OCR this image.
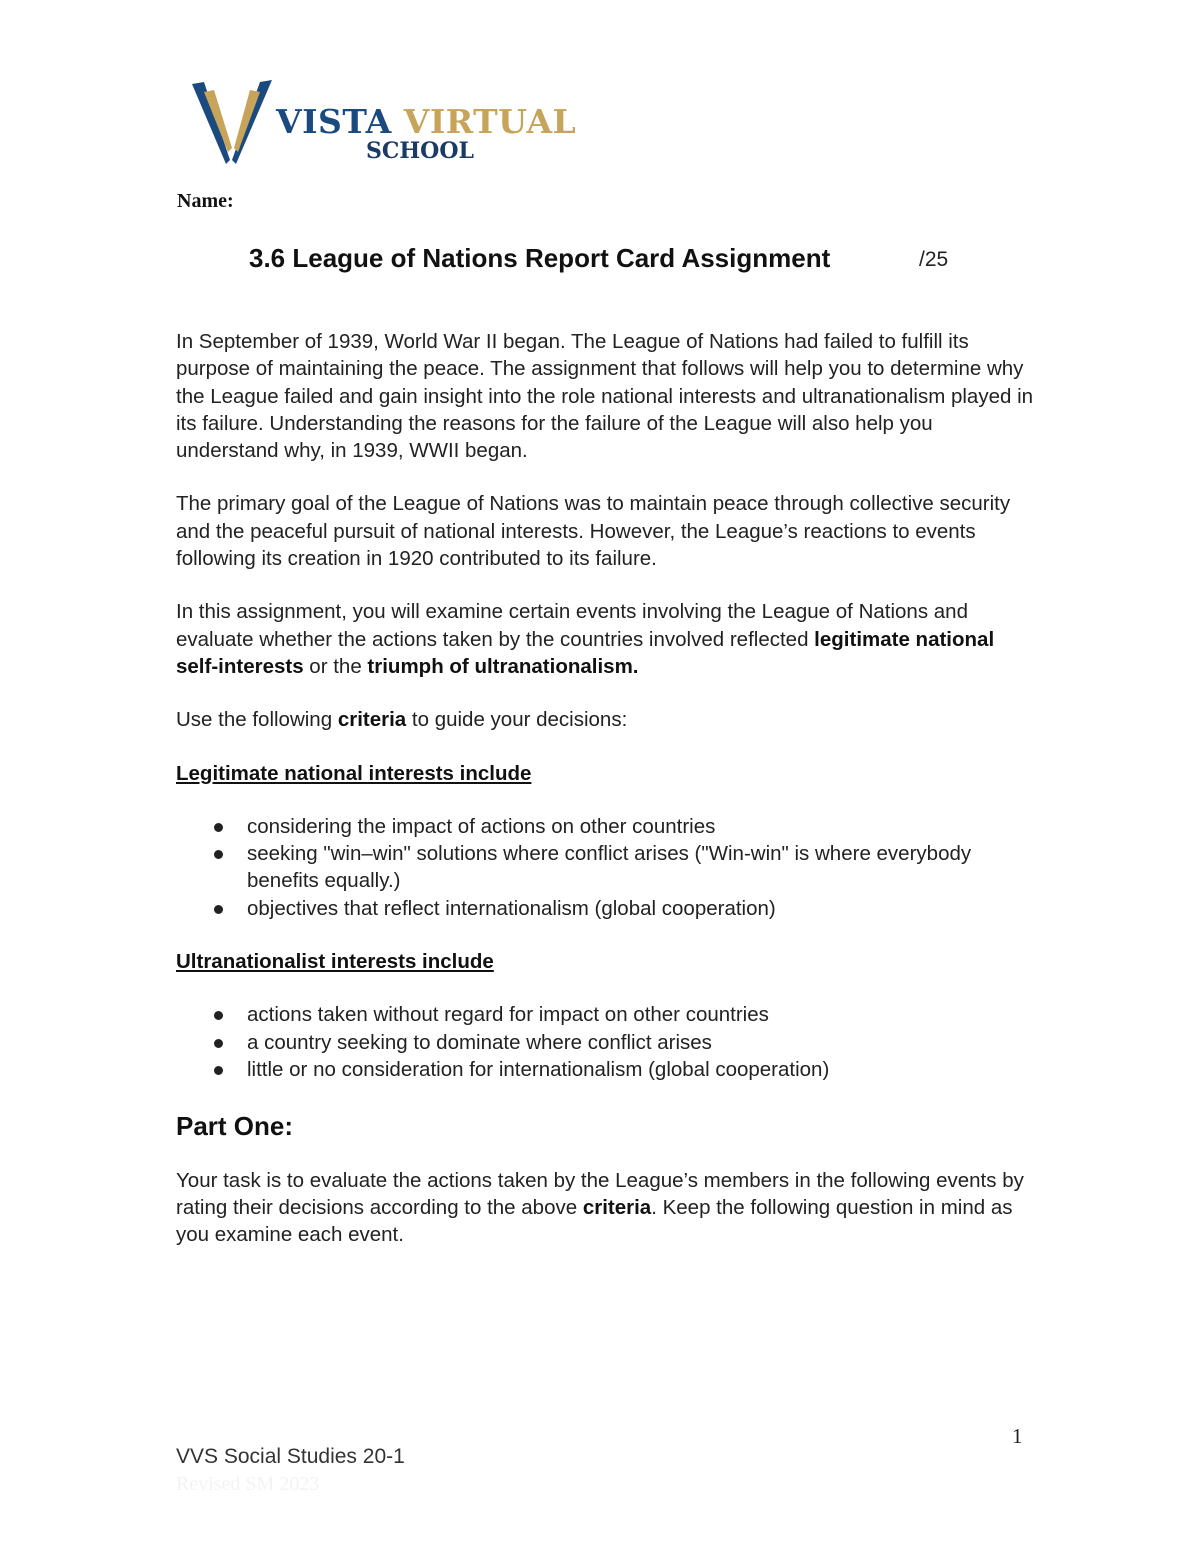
VISTA VIRTUAL
SCHOOL
Name:
3.6 League of Nations Report Card Assignment	/25

In September of 1939, World War II began. The League of Nations had failed to fulfill its purpose of maintaining the peace. The assignment that follows will help you to determine why the League failed and gain insight into the role national interests and ultranationalism played in its failure. Understanding the reasons for the failure of the League will also help you understand why, in 1939, WWII began.

The primary goal of the League of Nations was to maintain peace through collective security and the peaceful pursuit of national interests. However, the League’s reactions to events following its creation in 1920 contributed to its failure.

In this assignment, you will examine certain events involving the League of Nations and evaluate whether the actions taken by the countries involved reflected legitimate national self-interests or the triumph of ultranationalism.

Use the following criteria to guide your decisions:

Legitimate national interests include
considering the impact of actions on other countries
seeking "win–win" solutions where conflict arises ("Win-win" is where everybody benefits equally.)
objectives that reflect internationalism (global cooperation)
Ultranationalist interests include
actions taken without regard for impact on other countries
a country seeking to dominate where conflict arises
little or no consideration for internationalism (global cooperation)
Part One:

Your task is to evaluate the actions taken by the League’s members in the following events by rating their decisions according to the above criteria. Keep the following question in mind as you examine each event.

1
VVS Social Studies 20-1
Revised SM 2023
